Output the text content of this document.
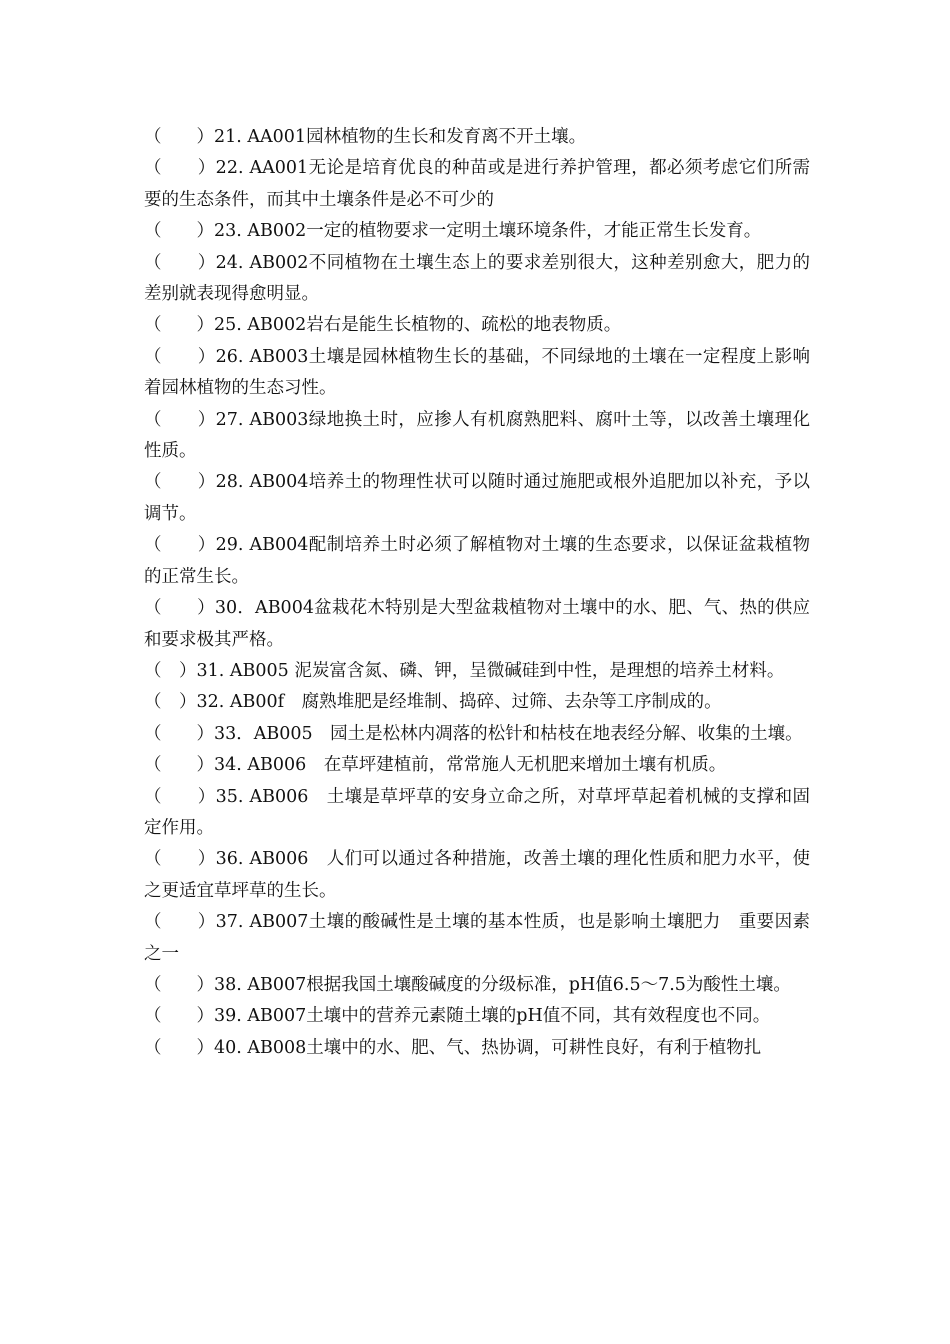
（　　）21. AA001园林植物的生长和发育离不开土壤。

（　　）22. AA001无论是培育优良的种苗或是进行养护管理，都必须考虑它们所需要的生态条件，而其中土壤条件是必不可少的

（　　）23. AB002一定的植物要求一定明土壤环境条件，才能正常生长发育。

（　　）24. AB002不同植物在土壤生态上的要求差别很大，这种差别愈大，肥力的差别就表现得愈明显。

（　　）25. AB002岩右是能生长植物的、疏松的地表物质。

（　　）26. AB003土壤是园林植物生长的基础，不同绿地的土壤在一定程度上影响着园林植物的生态习性。

（　　）27. AB003绿地换土时，应掺人有机腐熟肥料、腐叶土等，以改善土壤理化性质。

（　　）28. AB004培养土的物理性状可以随时通过施肥或根外追肥加以补充，予以调节。

（　　）29. AB004配制培养土时必须了解植物对土壤的生态要求，以保证盆栽植物的正常生长。

（　　）30．AB004盆栽花木特别是大型盆栽植物对土壤中的水、肥、气、热的供应和要求极其严格。

（　）31. AB005 泥炭富含氮、磷、钾，呈微碱硅到中性，是理想的培养土材料。

（　）32. AB00f　腐熟堆肥是经堆制、捣碎、过筛、去杂等工序制成的。

（　　）33．AB005　园土是松林内凋落的松针和枯枝在地表经分解、收集的土壤。

（　　）34. AB006　在草坪建植前，常常施人无机肥来增加土壤有机质。

（　　）35. AB006　土壤是草坪草的安身立命之所，对草坪草起着机械的支撑和固定作用。

（　　）36. AB006　人们可以通过各种措施，改善土壤的理化性质和肥力水平，使之更适宜草坪草的生长。

（　　）37. AB007土壤的酸碱性是土壤的基本性质，也是影响土壤肥力　重要因素之一

（　　）38. AB007根据我国土壤酸碱度的分级标准，pH值6.5～7.5为酸性土壤。

（　　）39. AB007土壤中的营养元素随土壤的pH值不同，其有效程度也不同。

（　　）40. AB008土壤中的水、肥、气、热协调，可耕性良好，有利于植物扎
